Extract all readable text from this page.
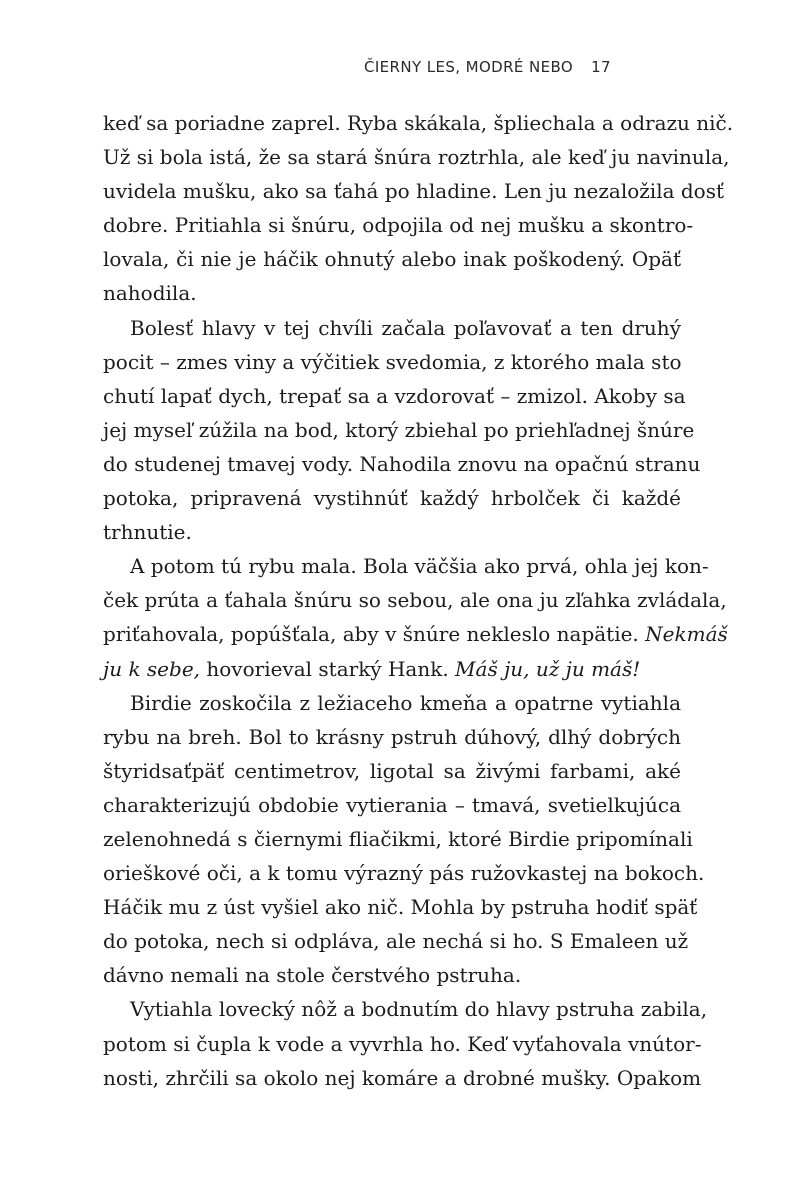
ČIERNY LES, MODRÉ NEBO 17
keď sa poriadne zaprel. Ryba skákala, špliechala a odrazu nič.
Už si bola istá, že sa stará šnúra roztrhla, ale keď ju navinula,
uvidela mušku, ako sa ťahá po hladine. Len ju nezaložila dosť
dobre. Pritiahla si šnúru, odpojila od nej mušku a skontro-
lovala, či nie je háčik ohnutý alebo inak poškodený. Opäť
nahodila.
Bolesť hlavy v tej chvíli začala poľavovať a ten druhý
pocit – zmes viny a výčitiek svedomia, z ktorého mala sto
chutí lapať dych, trepať sa a vzdorovať – zmizol. Akoby sa
jej myseľ zúžila na bod, ktorý zbiehal po priehľadnej šnúre
do studenej tmavej vody. Nahodila znovu na opačnú stranu
potoka, pripravená vystihnúť každý hrbolček či každé
trhnutie.
A potom tú rybu mala. Bola väčšia ako prvá, ohla jej kon-
ček prúta a ťahala šnúru so sebou, ale ona ju zľahka zvládala,
priťahovala, popúšťala, aby v šnúre nekleslo napätie. Nekmáš
ju k sebe, hovorieval starký Hank. Máš ju, už ju máš!
Birdie zoskočila z ležiaceho kmeňa a opatrne vytiahla
rybu na breh. Bol to krásny pstruh dúhový, dlhý dobrých
štyridsaťpäť centimetrov, ligotal sa živými farbami, aké
charakterizujú obdobie vytierania – tmavá, svetielkujúca
zelenohnedá s čiernymi fliačikmi, ktoré Birdie pripomínali
orieškové oči, a k tomu výrazný pás ružovkastej na bokoch.
Háčik mu z úst vyšiel ako nič. Mohla by pstruha hodiť späť
do potoka, nech si odpláva, ale nechá si ho. S Emaleen už
dávno nemali na stole čerstvého pstruha.
Vytiahla lovecký nôž a bodnutím do hlavy pstruha zabila,
potom si čupla k vode a vyvrhla ho. Keď vyťahovala vnútor-
nosti, zhrčili sa okolo nej komáre a drobné mušky. Opakom
